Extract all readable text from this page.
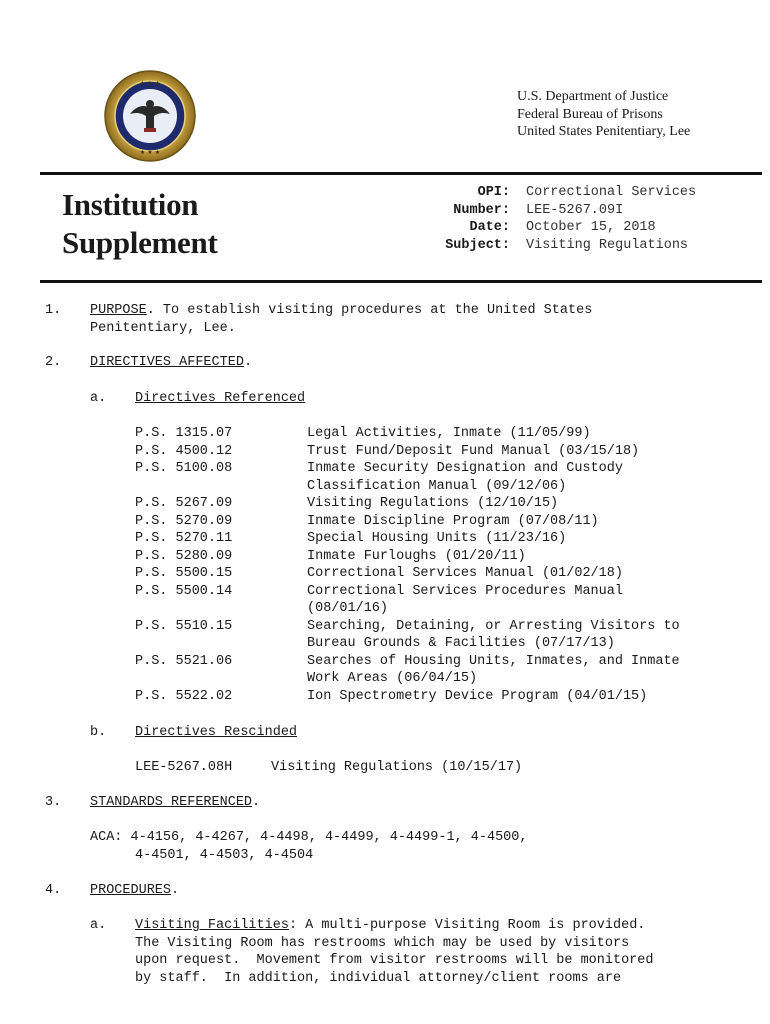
★ ★ ★
★ ★ ★
U.S. Department of Justice
Federal Bureau of Prisons
United States Penitentiary, Lee
Institution
Supplement
OPI: Correctional Services
Number: LEE-5267.09I
Date: October 15, 2018
Subject: Visiting Regulations
1. PURPOSE. To establish visiting procedures at the United States
Penitentiary, Lee.
2. DIRECTIVES AFFECTED.
a. Directives Referenced
P.S. 1315.07	Legal Activities, Inmate (11/05/99)
P.S. 4500.12	Trust Fund/Deposit Fund Manual (03/15/18)
P.S. 5100.08	Inmate Security Designation and Custody Classification Manual (09/12/06)
P.S. 5267.09	Visiting Regulations (12/10/15)
P.S. 5270.09	Inmate Discipline Program (07/08/11)
P.S. 5270.11	Special Housing Units (11/23/16)
P.S. 5280.09	Inmate Furloughs (01/20/11)
P.S. 5500.15	Correctional Services Manual (01/02/18)
P.S. 5500.14	Correctional Services Procedures Manual (08/01/16)
P.S. 5510.15	Searching, Detaining, or Arresting Visitors to Bureau Grounds & Facilities (07/17/13)
P.S. 5521.06	Searches of Housing Units, Inmates, and Inmate Work Areas (06/04/15)
P.S. 5522.02	Ion Spectrometry Device Program (04/01/15)
b. Directives Rescinded
LEE-5267.08H	Visiting Regulations (10/15/17)
3. STANDARDS REFERENCED.
ACA: 4-4156, 4-4267, 4-4498, 4-4499, 4-4499-1, 4-4500,
4-4501, 4-4503, 4-4504
4. PROCEDURES.
a. Visiting Facilities: A multi-purpose Visiting Room is provided.
The Visiting Room has restrooms which may be used by visitors
upon request.  Movement from visitor restrooms will be monitored
by staff.  In addition, individual attorney/client rooms are
